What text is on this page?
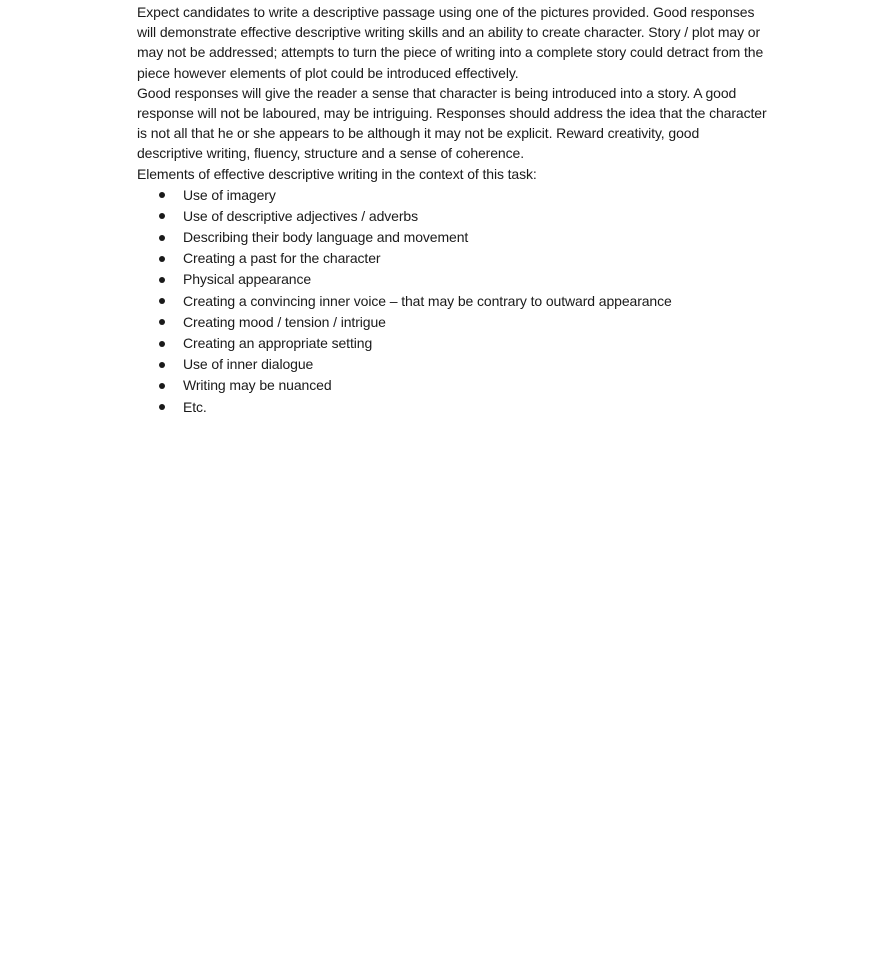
Expect candidates to write a descriptive passage using one of the pictures provided. Good responses will demonstrate effective descriptive writing skills and an ability to create character. Story / plot may or may not be addressed; attempts to turn the piece of writing into a complete story could detract from the piece however elements of plot could be introduced effectively.

Good responses will give the reader a sense that character is being introduced into a story. A good response will not be laboured, may be intriguing. Responses should address the idea that the character is not all that he or she appears to be although it may not be explicit. Reward creativity, good descriptive writing, fluency, structure and a sense of coherence.

Elements of effective descriptive writing in the context of this task:

Use of imagery
Use of descriptive adjectives / adverbs
Describing their body language and movement
Creating a past for the character
Physical appearance
Creating a convincing inner voice – that may be contrary to outward appearance
Creating mood / tension / intrigue
Creating an appropriate setting
Use of inner dialogue
Writing may be nuanced
Etc.
